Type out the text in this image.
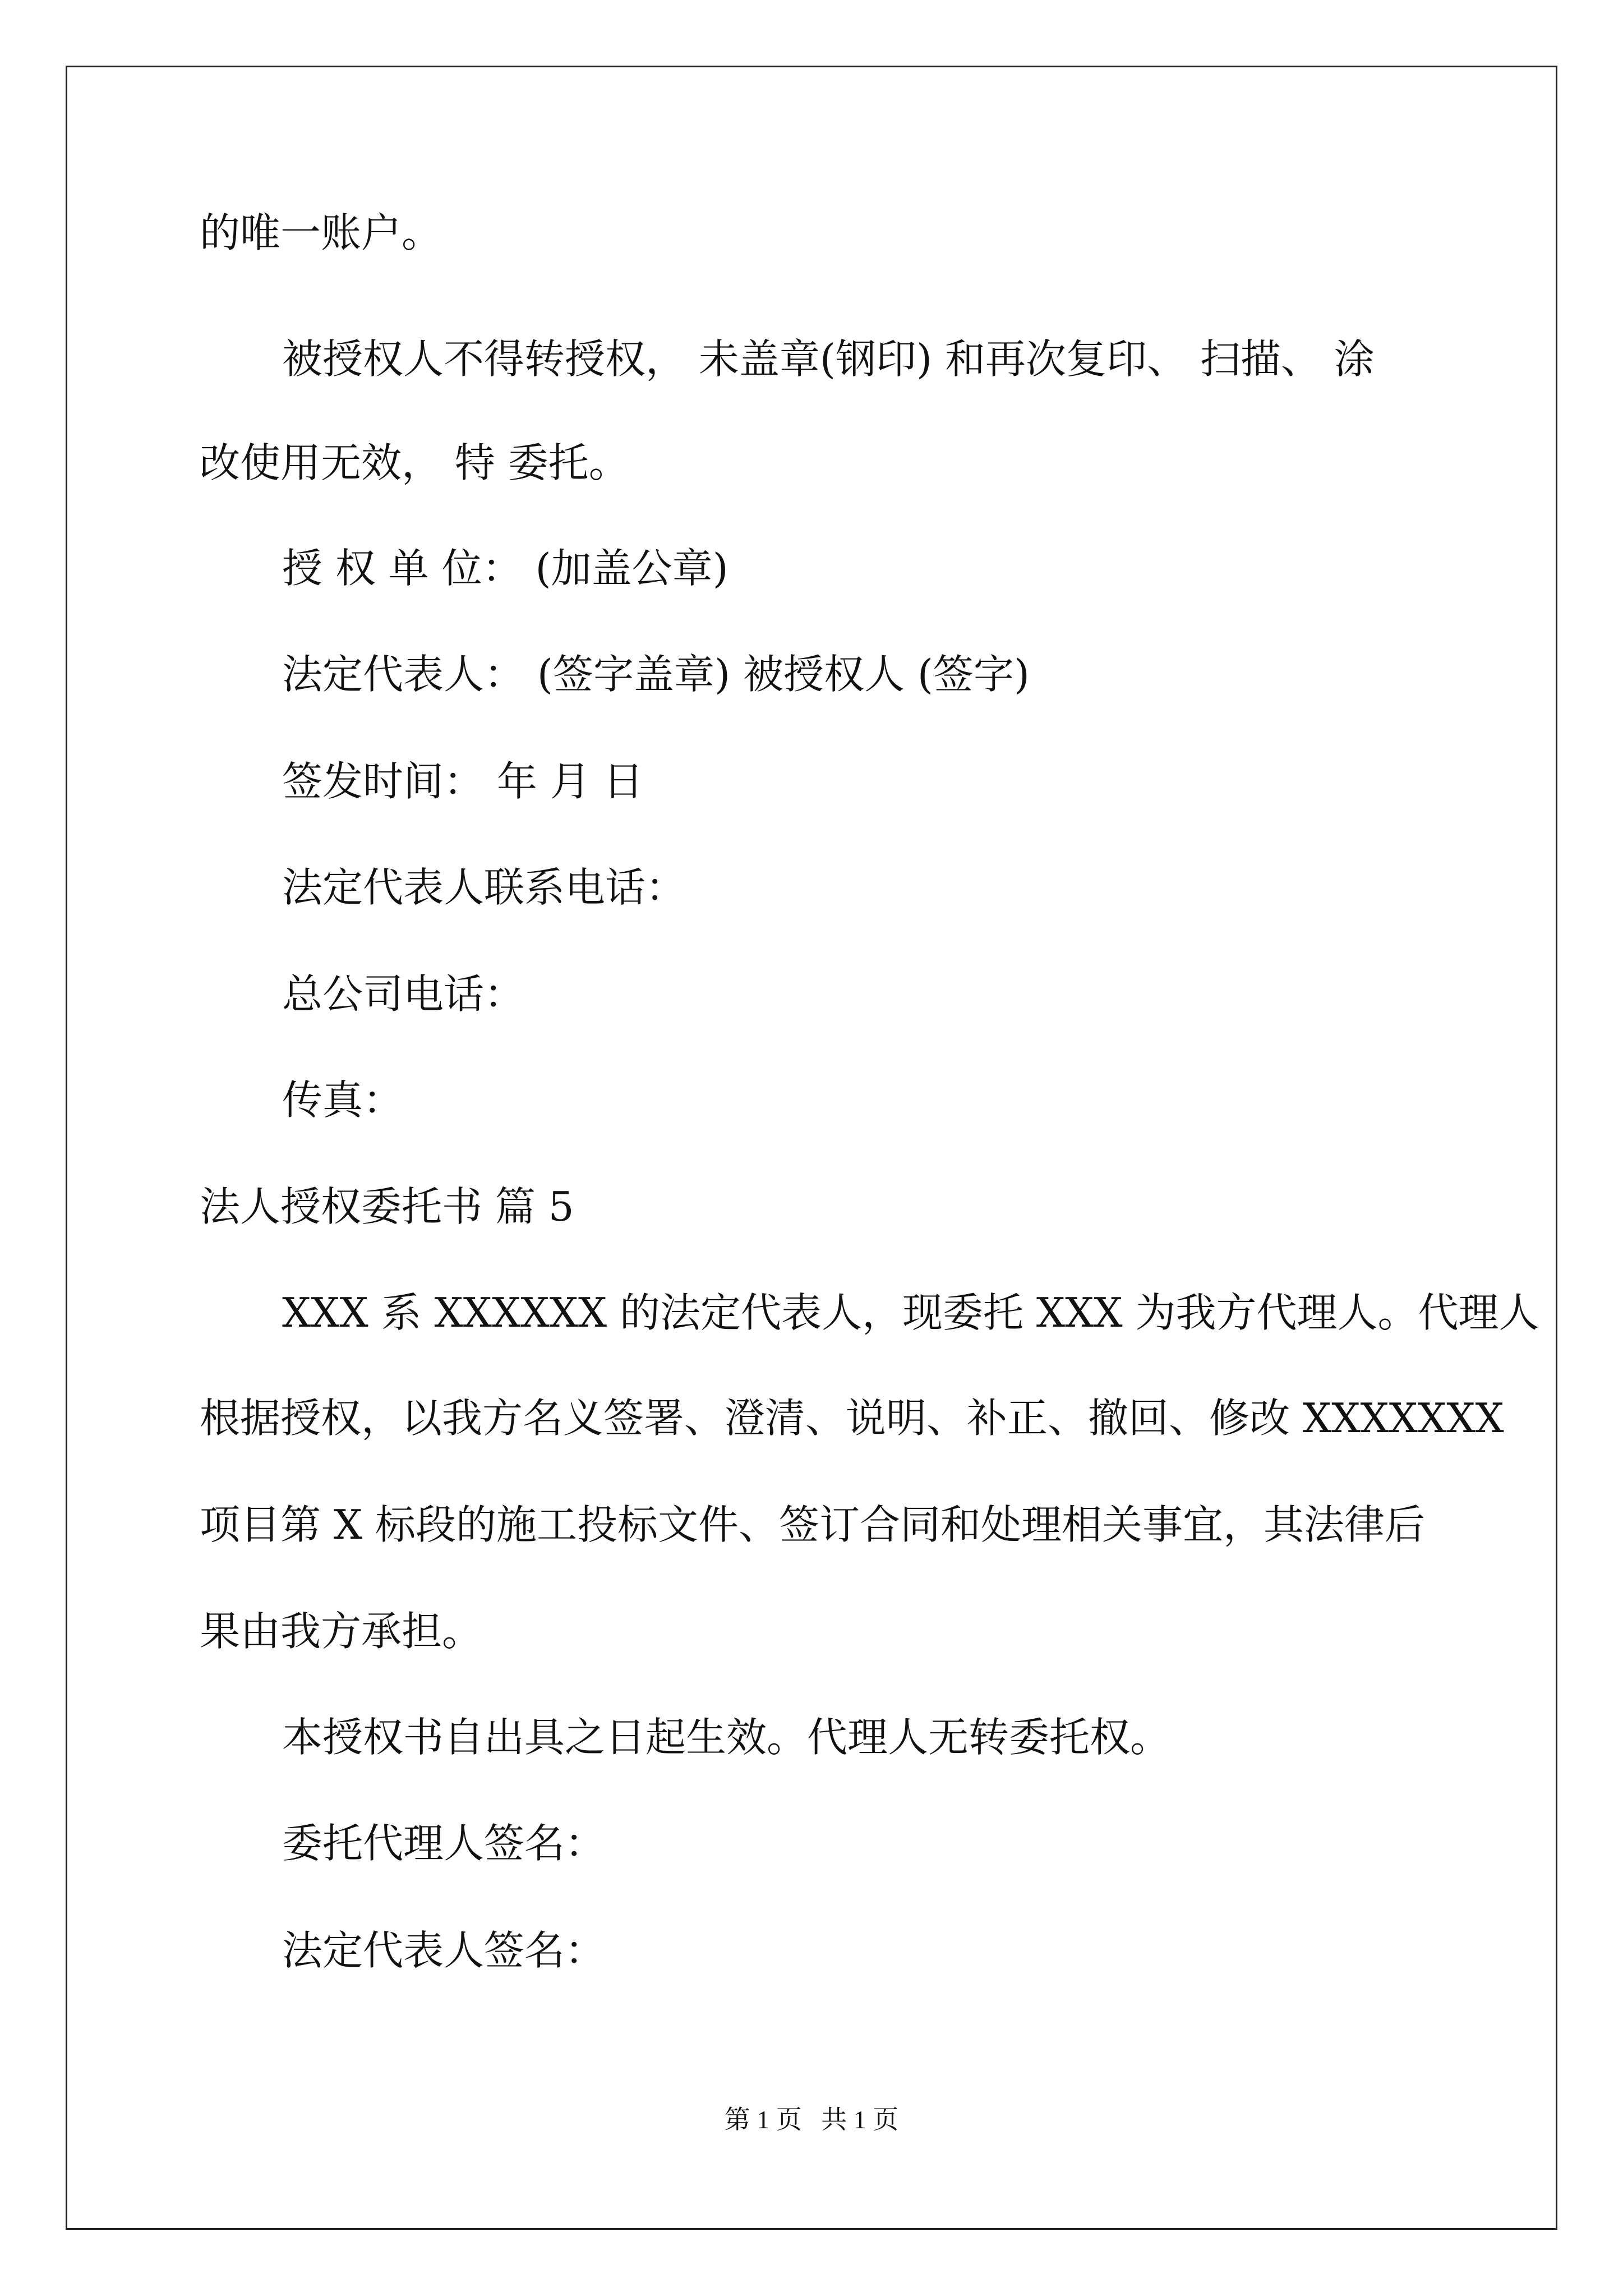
的唯一账户。
被授权人不得转授权， 未盖章(钢印) 和再次复印、 扫描、 涂
改使用无效， 特 委托。
授 权 单 位： (加盖公章)
法定代表人： (签字盖章) 被授权人 (签字)
签发时间： 年 月 日
法定代表人联系电话：
总公司电话：
传真：
法人授权委托书 篇 5
XXX 系 XXXXXX 的法定代表人，现委托 XXX 为我方代理人。代理人
根据授权，以我方名义签署、澄清、说明、补正、撤回、修改 XXXXXXX
项目第 X 标段的施工投标文件、签订合同和处理相关事宜，其法律后
果由我方承担。
本授权书自出具之日起生效。代理人无转委托权。
委托代理人签名：
法定代表人签名：
第 1 页   共 1 页
